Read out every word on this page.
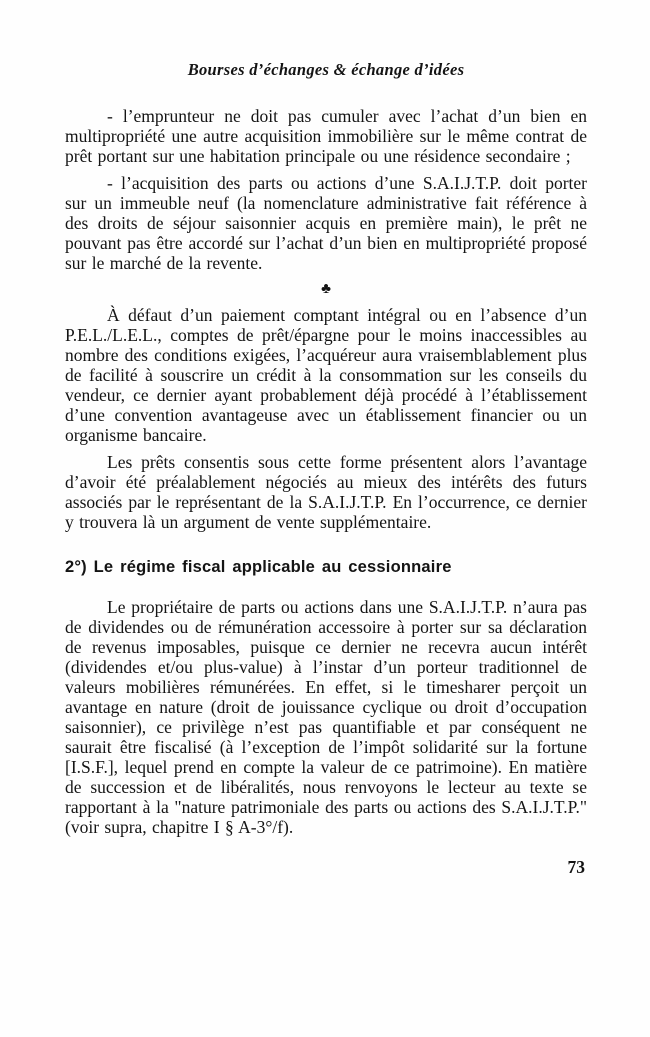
Bourses d’échanges & échange d’idées

- l’emprunteur ne doit pas cumuler avec l’achat d’un bien en multipropriété une autre acquisition immobilière sur le même contrat de prêt portant sur une habitation principale ou une résidence secondaire ;

- l’acquisition des parts ou actions d’une S.A.I.J.T.P. doit porter sur un immeuble neuf (la nomenclature administrative fait référence à des droits de séjour saisonnier acquis en première main), le prêt ne pouvant pas être accordé sur l’achat d’un bien en multipropriété proposé sur le marché de la revente.

♣

À défaut d’un paiement comptant intégral ou en l’absence d’un P.E.L./L.E.L., comptes de prêt/épargne pour le moins inaccessibles au nombre des conditions exigées, l’acquéreur aura vraisemblablement plus de facilité à souscrire un crédit à la consommation sur les conseils du vendeur, ce dernier ayant probablement déjà procédé à l’établissement d’une convention avantageuse avec un établissement financier ou un organisme bancaire.

Les prêts consentis sous cette forme présentent alors l’avantage d’avoir été préalablement négociés au mieux des intérêts des futurs associés par le représentant de la S.A.I.J.T.P. En l’occurrence, ce dernier y trouvera là un argument de vente supplémentaire.

2°) Le régime fiscal applicable au cessionnaire

Le propriétaire de parts ou actions dans une S.A.I.J.T.P. n’aura pas de dividendes ou de rémunération accessoire à porter sur sa déclaration de revenus imposables, puisque ce dernier ne recevra aucun intérêt (dividendes et/ou plus-value) à l’instar d’un porteur traditionnel de valeurs mobilières rémunérées. En effet, si le timesharer perçoit un avantage en nature (droit de jouissance cyclique ou droit d’occupation saisonnier), ce privilège n’est pas quantifiable et par conséquent ne saurait être fiscalisé (à l’exception de l’impôt solidarité sur la fortune [I.S.F.], lequel prend en compte la valeur de ce patrimoine). En matière de succession et de libéralités, nous renvoyons le lecteur au texte se rapportant à la "nature patrimoniale des parts ou actions des S.A.I.J.T.P." (voir supra, chapitre I § A-3°/f).

73
